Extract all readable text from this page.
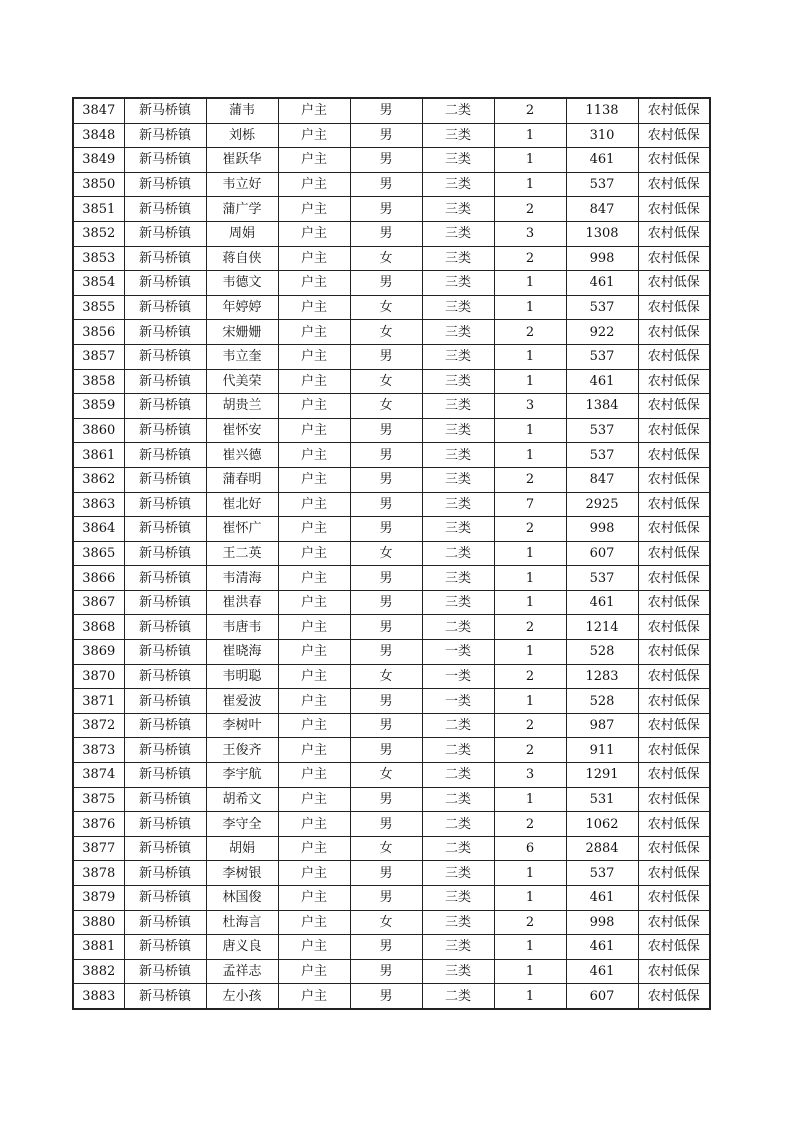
3847	新马桥镇	蒲韦	户主	男	二类	2	1138	农村低保
3848	新马桥镇	刘栎	户主	男	三类	1	310	农村低保
3849	新马桥镇	崔跃华	户主	男	三类	1	461	农村低保
3850	新马桥镇	韦立好	户主	男	三类	1	537	农村低保
3851	新马桥镇	蒲广学	户主	男	三类	2	847	农村低保
3852	新马桥镇	周娟	户主	男	三类	3	1308	农村低保
3853	新马桥镇	蒋自侠	户主	女	三类	2	998	农村低保
3854	新马桥镇	韦德文	户主	男	三类	1	461	农村低保
3855	新马桥镇	年婷婷	户主	女	三类	1	537	农村低保
3856	新马桥镇	宋姗姗	户主	女	三类	2	922	农村低保
3857	新马桥镇	韦立奎	户主	男	三类	1	537	农村低保
3858	新马桥镇	代美荣	户主	女	三类	1	461	农村低保
3859	新马桥镇	胡贵兰	户主	女	三类	3	1384	农村低保
3860	新马桥镇	崔怀安	户主	男	三类	1	537	农村低保
3861	新马桥镇	崔兴德	户主	男	三类	1	537	农村低保
3862	新马桥镇	蒲春明	户主	男	三类	2	847	农村低保
3863	新马桥镇	崔北好	户主	男	三类	7	2925	农村低保
3864	新马桥镇	崔怀广	户主	男	三类	2	998	农村低保
3865	新马桥镇	王二英	户主	女	二类	1	607	农村低保
3866	新马桥镇	韦清海	户主	男	三类	1	537	农村低保
3867	新马桥镇	崔洪春	户主	男	三类	1	461	农村低保
3868	新马桥镇	韦唐韦	户主	男	二类	2	1214	农村低保
3869	新马桥镇	崔晓海	户主	男	一类	1	528	农村低保
3870	新马桥镇	韦明聪	户主	女	一类	2	1283	农村低保
3871	新马桥镇	崔爱波	户主	男	一类	1	528	农村低保
3872	新马桥镇	李树叶	户主	男	二类	2	987	农村低保
3873	新马桥镇	王俊齐	户主	男	二类	2	911	农村低保
3874	新马桥镇	李宇航	户主	女	二类	3	1291	农村低保
3875	新马桥镇	胡希文	户主	男	二类	1	531	农村低保
3876	新马桥镇	李守全	户主	男	二类	2	1062	农村低保
3877	新马桥镇	胡娟	户主	女	二类	6	2884	农村低保
3878	新马桥镇	李树银	户主	男	三类	1	537	农村低保
3879	新马桥镇	林国俊	户主	男	三类	1	461	农村低保
3880	新马桥镇	杜海言	户主	女	三类	2	998	农村低保
3881	新马桥镇	唐义良	户主	男	三类	1	461	农村低保
3882	新马桥镇	孟祥志	户主	男	三类	1	461	农村低保
3883	新马桥镇	左小孩	户主	男	二类	1	607	农村低保
